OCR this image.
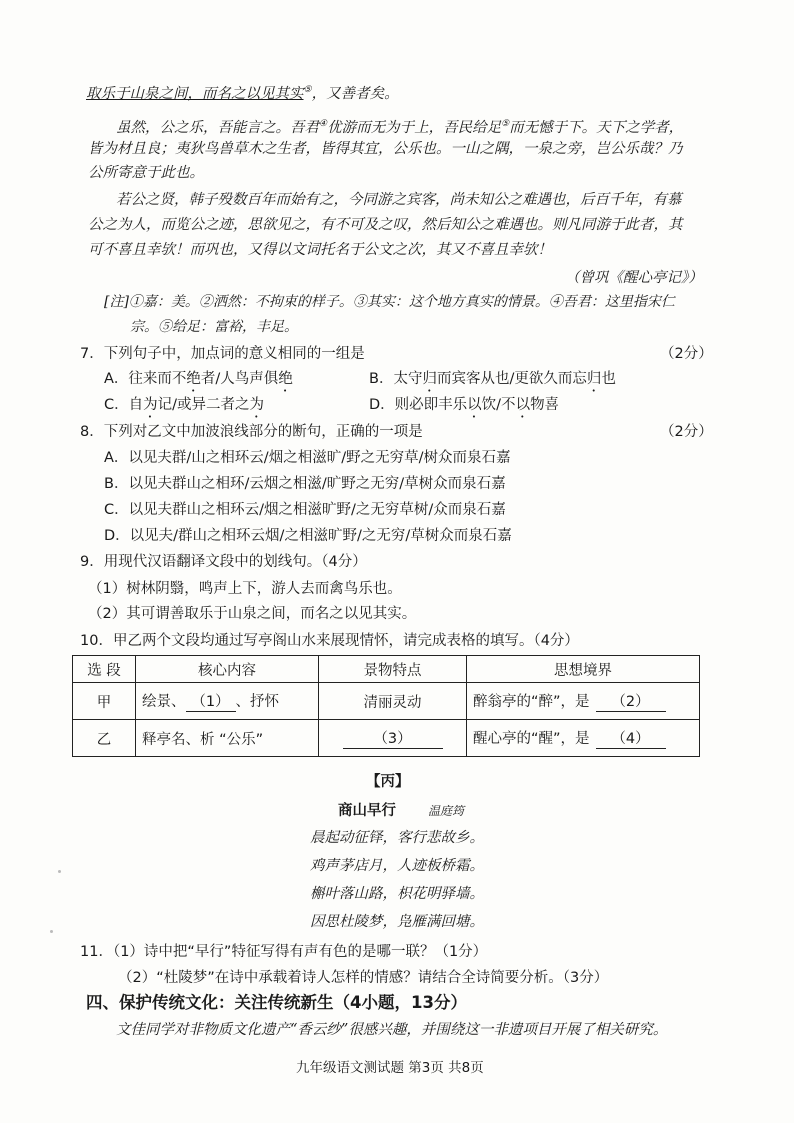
取乐于山泉之间，而名之以见其实⑤，又善者矣。
虽然，公之乐，吾能言之。吾君④优游而无为于上，吾民给足⑤而无憾于下。天下之学者，
皆为材且良；夷狄鸟兽草木之生者，皆得其宜，公乐也。一山之隅，一泉之旁，岂公乐哉？乃
公所寄意于此也。
若公之贤，韩子殁数百年而始有之，今同游之宾客，尚未知公之难遇也，后百千年，有慕
公之为人，而览公之迹，思欲见之，有不可及之叹，然后知公之难遇也。则凡同游于此者，其
可不喜且幸欤！而巩也，又得以文词托名于公文之次，其又不喜且幸欤！
（曾巩《醒心亭记》）
[注]①嘉：美。②洒然：不拘束的样子。③其实：这个地方真实的情景。④吾君：这里指宋仁
宗。⑤给足：富裕，丰足。
7．下列句子中，加点词的意义相同的一组是	（2分）
A．往来而不绝者/人鸟声俱绝	B．太守归而宾客从也/更欲久而忘归也
C．自为记/或异二者之为	D．则必即丰乐以饮/不以物喜
8．下列对乙文中加波浪线部分的断句，正确的一项是	（2分）
A．以见夫群/山之相环云/烟之相滋旷/野之无穷草/树众而泉石嘉
B．以见夫群山之相环/云烟之相滋/旷野之无穷/草树众而泉石嘉
C．以见夫群山之相环云/烟之相滋旷野/之无穷草树/众而泉石嘉
D．以见夫/群山之相环云烟/之相滋旷野/之无穷/草树众而泉石嘉
9．用现代汉语翻译文段中的划线句。（4分）
（1）树林阴翳，鸣声上下，游人去而禽鸟乐也。
（2）其可谓善取乐于山泉之间，而名之以见其实。
10．甲乙两个文段均通过写亭阁山水来展现情怀，请完成表格的填写。（4分）
选 段	核心内容	景物特点	思想境界
甲	绘景、 （1） 、抒怀	清丽灵动	醉翁亭的“醉”，是 （2）
乙	释亭名、析 “公乐”	（3）	醒心亭的“醒”，是 （4）
【丙】
商山早行	温庭筠
晨起动征铎，客行悲故乡。
鸡声茅店月，人迹板桥霜。
槲叶落山路，枳花明驿墙。
因思杜陵梦，凫雁满回塘。
11．（1）诗中把“早行”特征写得有声有色的是哪一联？（1分）
（2）“杜陵梦”在诗中承载着诗人怎样的情感？请结合全诗简要分析。（3分）
四、保护传统文化：关注传统新生（4小题，13分）
文佳同学对非物质文化遗产“香云纱”很感兴趣，并围绕这一非遗项目开展了相关研究。
九年级语文测试题 第3页 共8页
